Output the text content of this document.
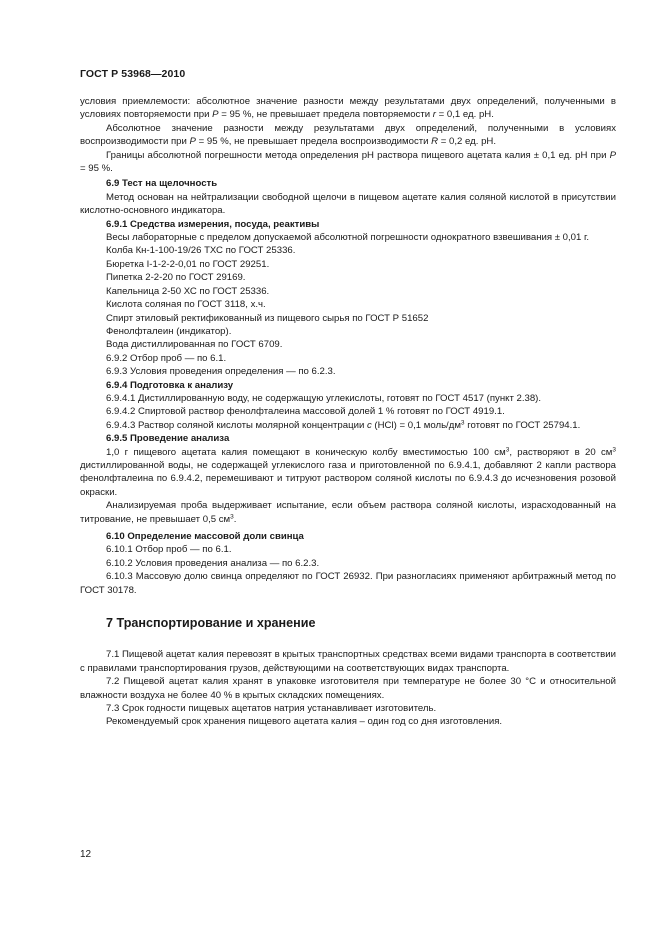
ГОСТ Р 53968—2010

условия приемлемости: абсолютное значение разности между результатами двух определений, полученными в условиях повторяемости при P = 95 %, не превышает предела повторяемости r = 0,1 ед. рН.

Абсолютное значение разности между результатами двух определений, полученными в условиях воспроизводимости при P = 95 %, не превышает предела воспроизводимости R = 0,2 ед. рН.

Границы абсолютной погрешности метода определения рН раствора пищевого ацетата калия ± 0,1 ед. рН при P = 95 %.

6.9 Тест на щелочность

Метод основан на нейтрализации свободной щелочи в пищевом ацетате калия соляной кислотой в присутствии кислотно-основного индикатора.

6.9.1 Средства измерения, посуда, реактивы

Весы лабораторные с пределом допускаемой абсолютной погрешности однократного взвешивания ± 0,01 г.

Колба Кн-1-100-19/26 ТХС по ГОСТ 25336.

Бюретка I-1-2-2-0,01 по ГОСТ 29251.

Пипетка 2-2-20 по ГОСТ 29169.

Капельница 2-50 ХС по ГОСТ 25336.

Кислота соляная по ГОСТ 3118, х.ч.

Спирт этиловый ректификованный из пищевого сырья по ГОСТ Р 51652

Фенолфталеин (индикатор).

Вода дистиллированная по ГОСТ 6709.

6.9.2 Отбор проб — по 6.1.

6.9.3 Условия проведения определения — по 6.2.3.

6.9.4 Подготовка к анализу

6.9.4.1 Дистиллированную воду, не содержащую углекислоты, готовят по ГОСТ 4517 (пункт 2.38).

6.9.4.2 Спиртовой раствор фенолфталеина массовой долей 1 % готовят по ГОСТ 4919.1.

6.9.4.3 Раствор соляной кислоты молярной концентрации c (HCl) = 0,1 моль/$дм^3$ готовят по ГОСТ 25794.1.

6.9.5 Проведение анализа

1,0 г пищевого ацетата калия помещают в коническую колбу вместимостью 100 $см^3$, растворяют в 20 $см^3$ дистиллированной воды, не содержащей углекислого газа и приготовленной по 6.9.4.1, добавляют 2 капли раствора фенолфталеина по 6.9.4.2, перемешивают и титруют раствором соляной кислоты по 6.9.4.3 до исчезновения розовой окраски.

Анализируемая проба выдерживает испытание, если объем раствора соляной кислоты, израсходованный на титрование, не превышает 0,5 $см^3$.

6.10 Определение массовой доли свинца

6.10.1 Отбор проб — по 6.1.

6.10.2 Условия проведения анализа — по 6.2.3.

6.10.3 Массовую долю свинца определяют по ГОСТ 26932. При разногласиях применяют арбитражный метод по ГОСТ 30178.

7 Транспортирование и хранение

7.1 Пищевой ацетат калия перевозят в крытых транспортных средствах всеми видами транспорта в соответствии с правилами транспортирования грузов, действующими на соответствующих видах транспорта.

7.2 Пищевой ацетат калия хранят в упаковке изготовителя при температуре не более 30 °С и относительной влажности воздуха не более 40 % в крытых складских помещениях.

7.3 Срок годности пищевых ацетатов натрия устанавливает изготовитель.

Рекомендуемый срок хранения пищевого ацетата калия – один год со дня изготовления.

12
